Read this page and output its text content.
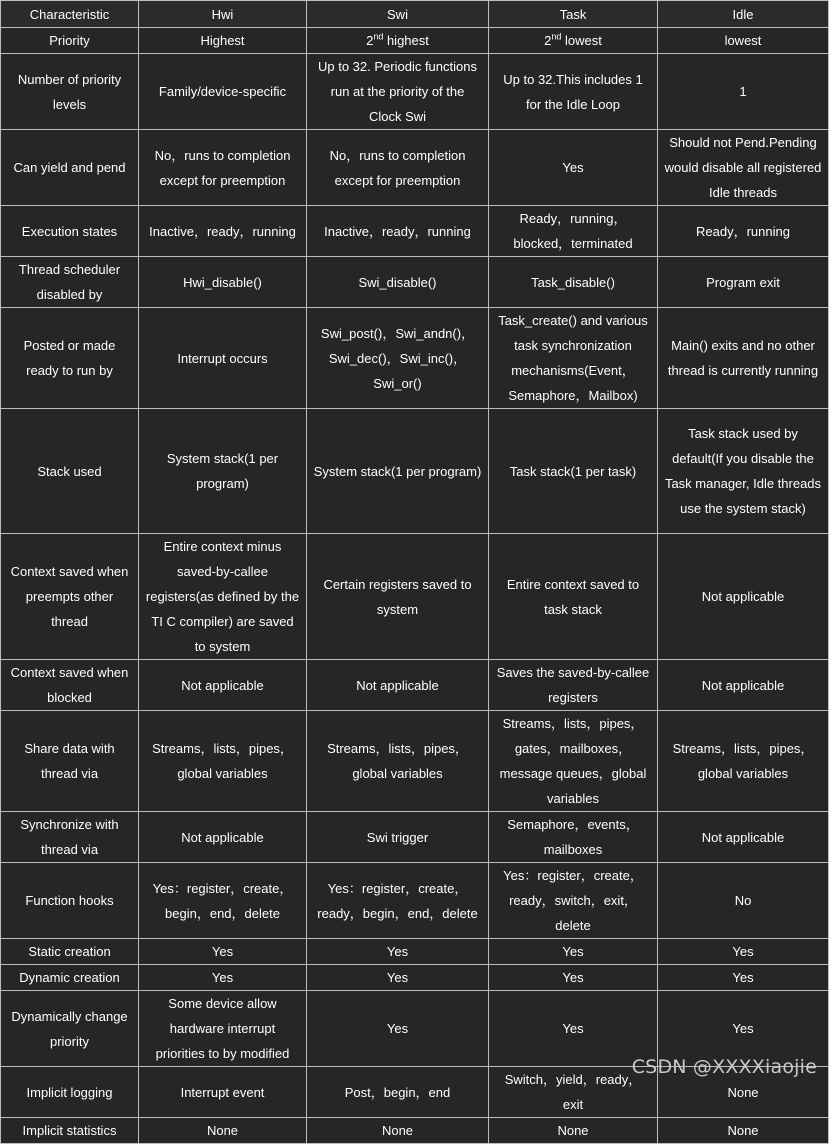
Characteristic	Hwi	Swi	Task	Idle
Priority	Highest	2nd highest	2nd lowest	lowest
Number of priority levels	Family/device-specific	Up to 32. Periodic functions run at the priority of the Clock Swi	Up to 32.This includes 1 for the Idle Loop	1
Can yield and pend	No，runs to completion except for preemption	No，runs to completion except for preemption	Yes	Should not Pend.Pending would disable all registered Idle threads
Execution states	Inactive，ready，running	Inactive，ready，running	Ready，running，blocked，terminated	Ready，running
Thread scheduler disabled by	Hwi_disable()	Swi_disable()	Task_disable()	Program exit
Posted or made ready to run by	Interrupt occurs	Swi_post()，Swi_andn()，Swi_dec()，Swi_inc()，Swi_or()	Task_create() and various task synchronization mechanisms(Event，Semaphore，Mailbox)	Main() exits and no other thread is currently running
Stack used	System stack(1 per program)	System stack(1 per program)	Task stack(1 per task)	Task stack used by default(If you disable the Task manager, Idle threads use the system stack)
Context saved when preempts other thread	Entire context minus saved-by-callee registers(as defined by the TI C compiler) are saved to system	Certain registers saved to system	Entire context saved to task stack	Not applicable
Context saved when blocked	Not applicable	Not applicable	Saves the saved-by-callee registers	Not applicable
Share data with thread via	Streams，lists，pipes，global variables	Streams，lists，pipes，global variables	Streams，lists，pipes，gates，mailboxes，message queues，global variables	Streams，lists，pipes，global variables
Synchronize with thread via	Not applicable	Swi trigger	Semaphore，events，mailboxes	Not applicable
Function hooks	Yes：register，create，begin，end，delete	Yes：register，create，ready，begin，end，delete	Yes：register，create，ready，switch，exit，delete	No
Static creation	Yes	Yes	Yes	Yes
Dynamic creation	Yes	Yes	Yes	Yes
Dynamically change priority	Some device allow hardware interrupt priorities to by modified	Yes	Yes	Yes
Implicit logging	Interrupt event	Post，begin，end	Switch，yield，ready，exit	None
Implicit statistics	None	None	None	None
CSDN @XXXXiaojie
